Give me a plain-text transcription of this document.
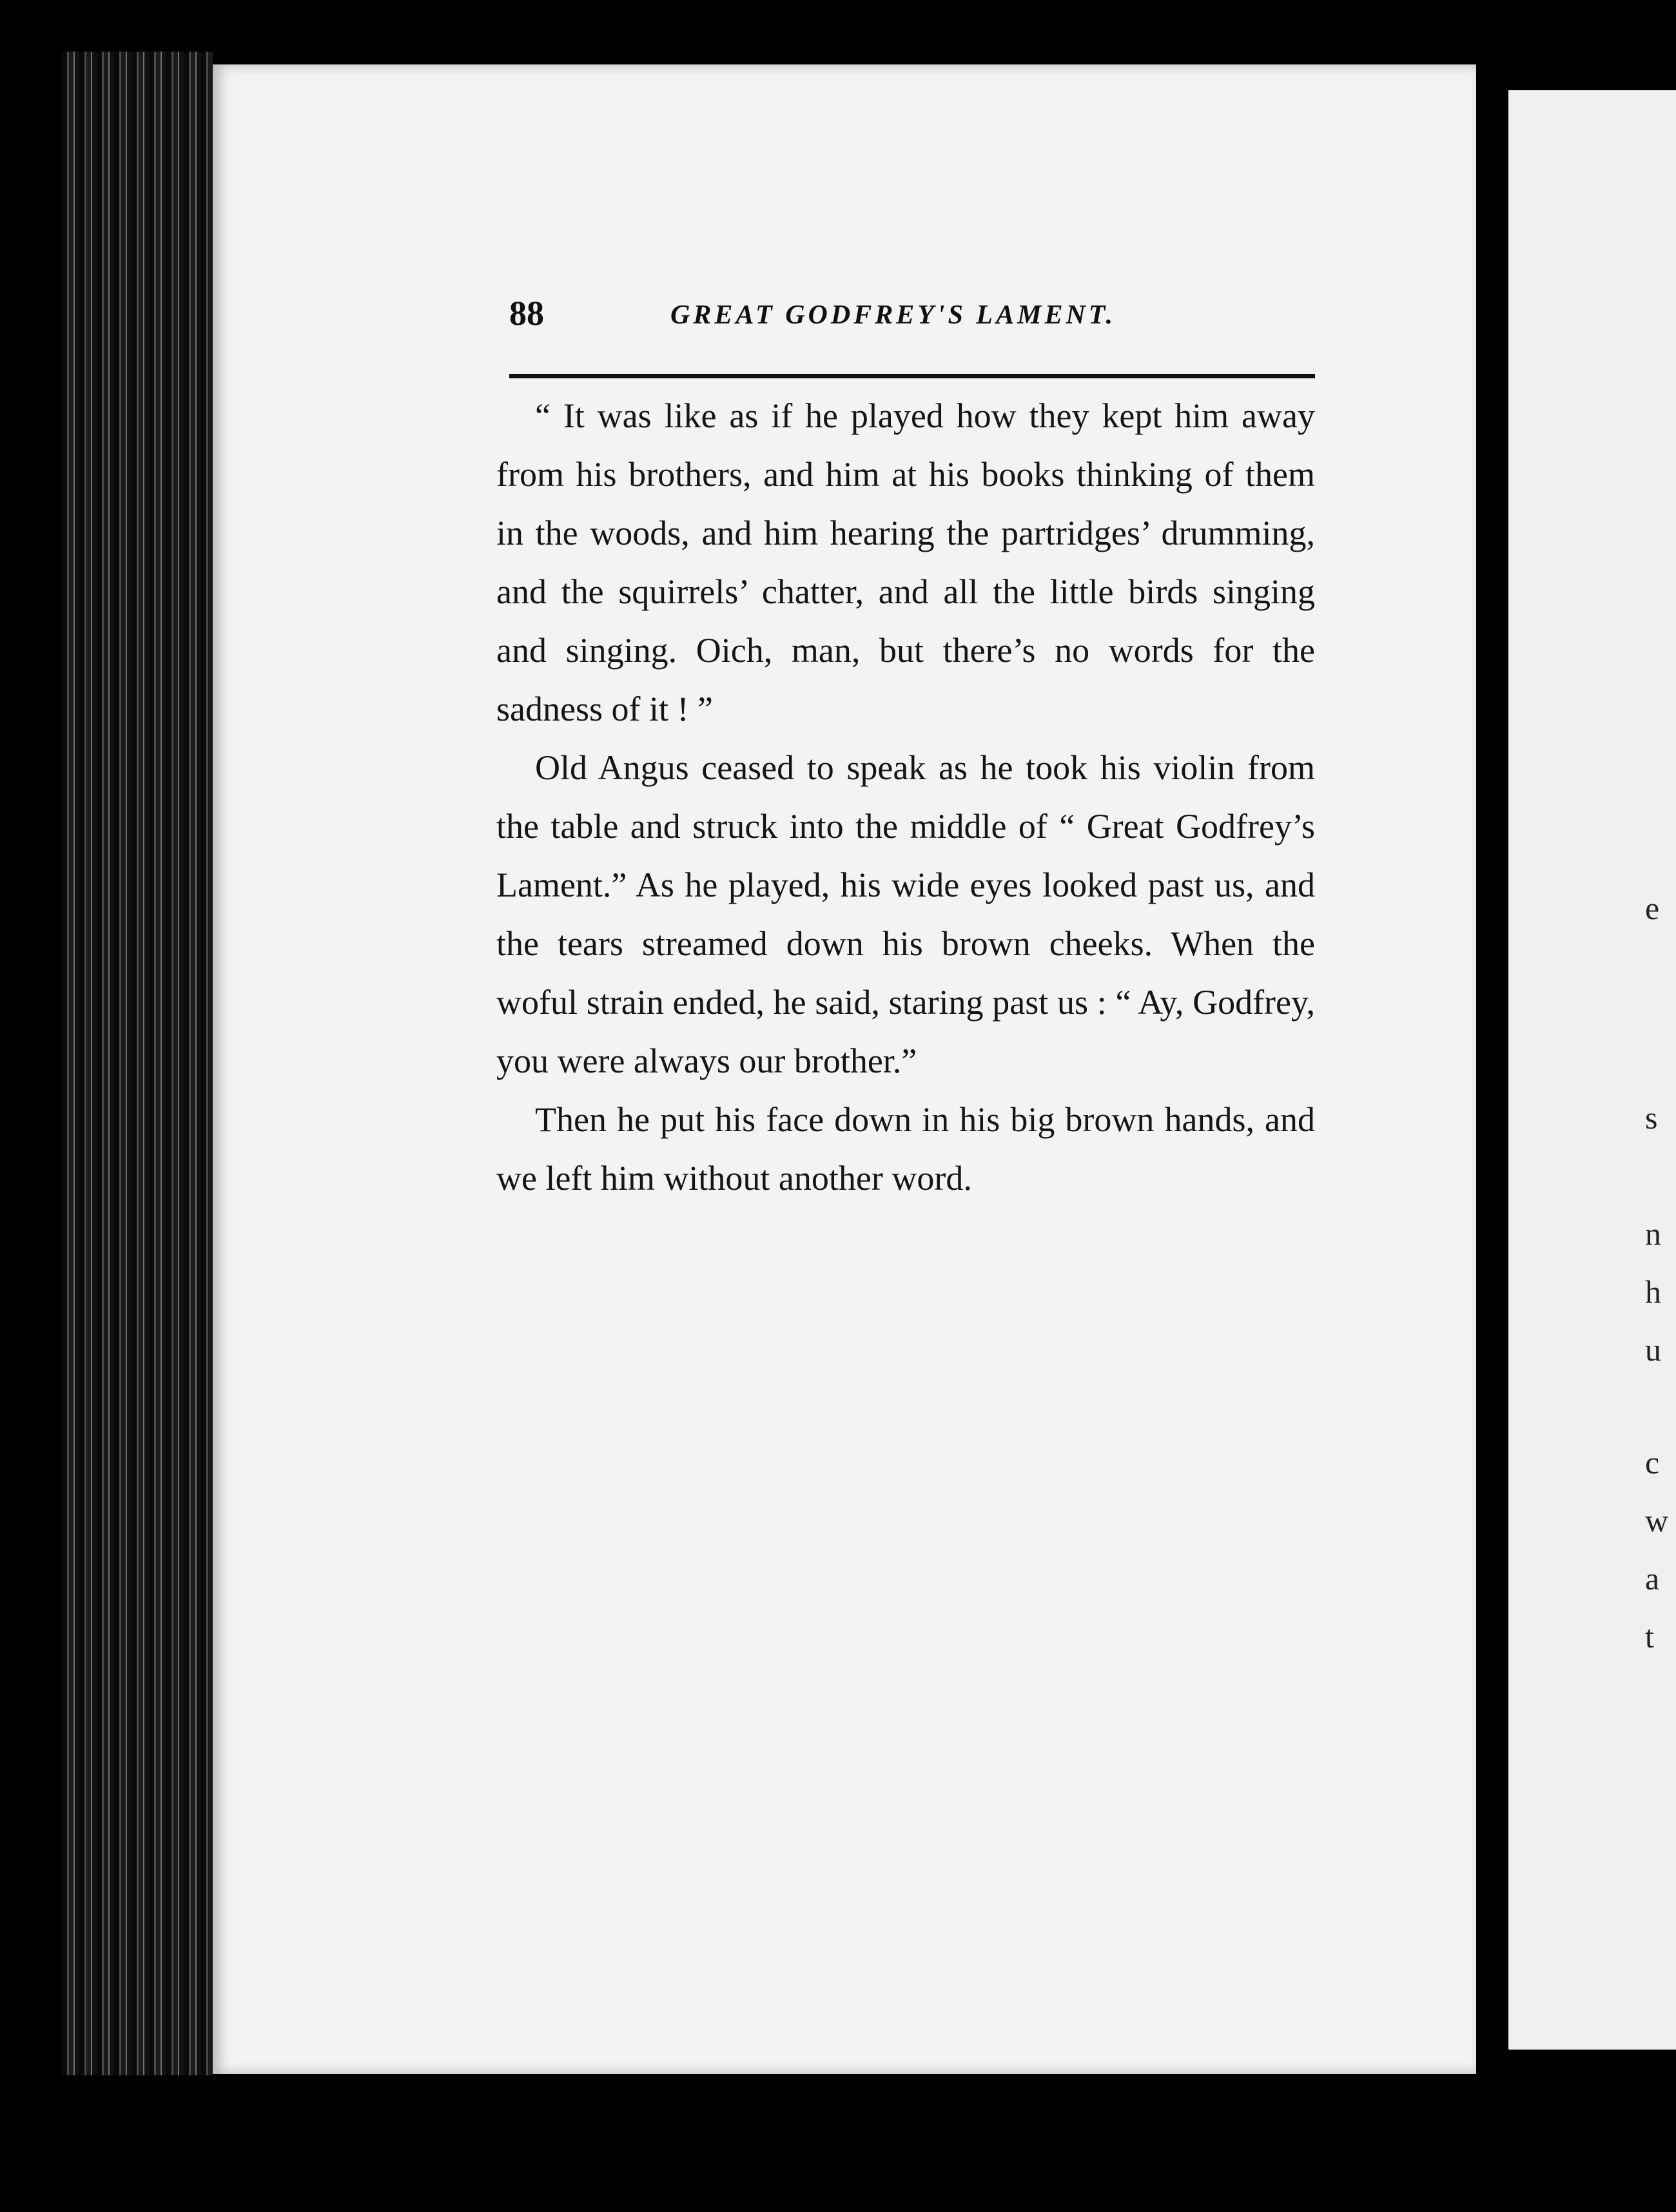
e
s
n
h
u
c
w
a
t
88	GREAT GODFREY'S LAMENT.

“ It was like as if he played how they kept him away from his brothers, and him at his books thinking of them in the woods, and him hearing the partridges’ drumming, and the squirrels’ chatter, and all the little birds singing and singing. Oich, man, but there’s no words for the sadness of it ! ”

Old Angus ceased to speak as he took his violin from the table and struck into the middle of “ Great Godfrey’s Lament.” As he played, his wide eyes looked past us, and the tears streamed down his brown cheeks. When the woful strain ended, he said, staring past us : “ Ay, Godfrey, you were always our brother.”

Then he put his face down in his big brown hands, and we left him without another word.
